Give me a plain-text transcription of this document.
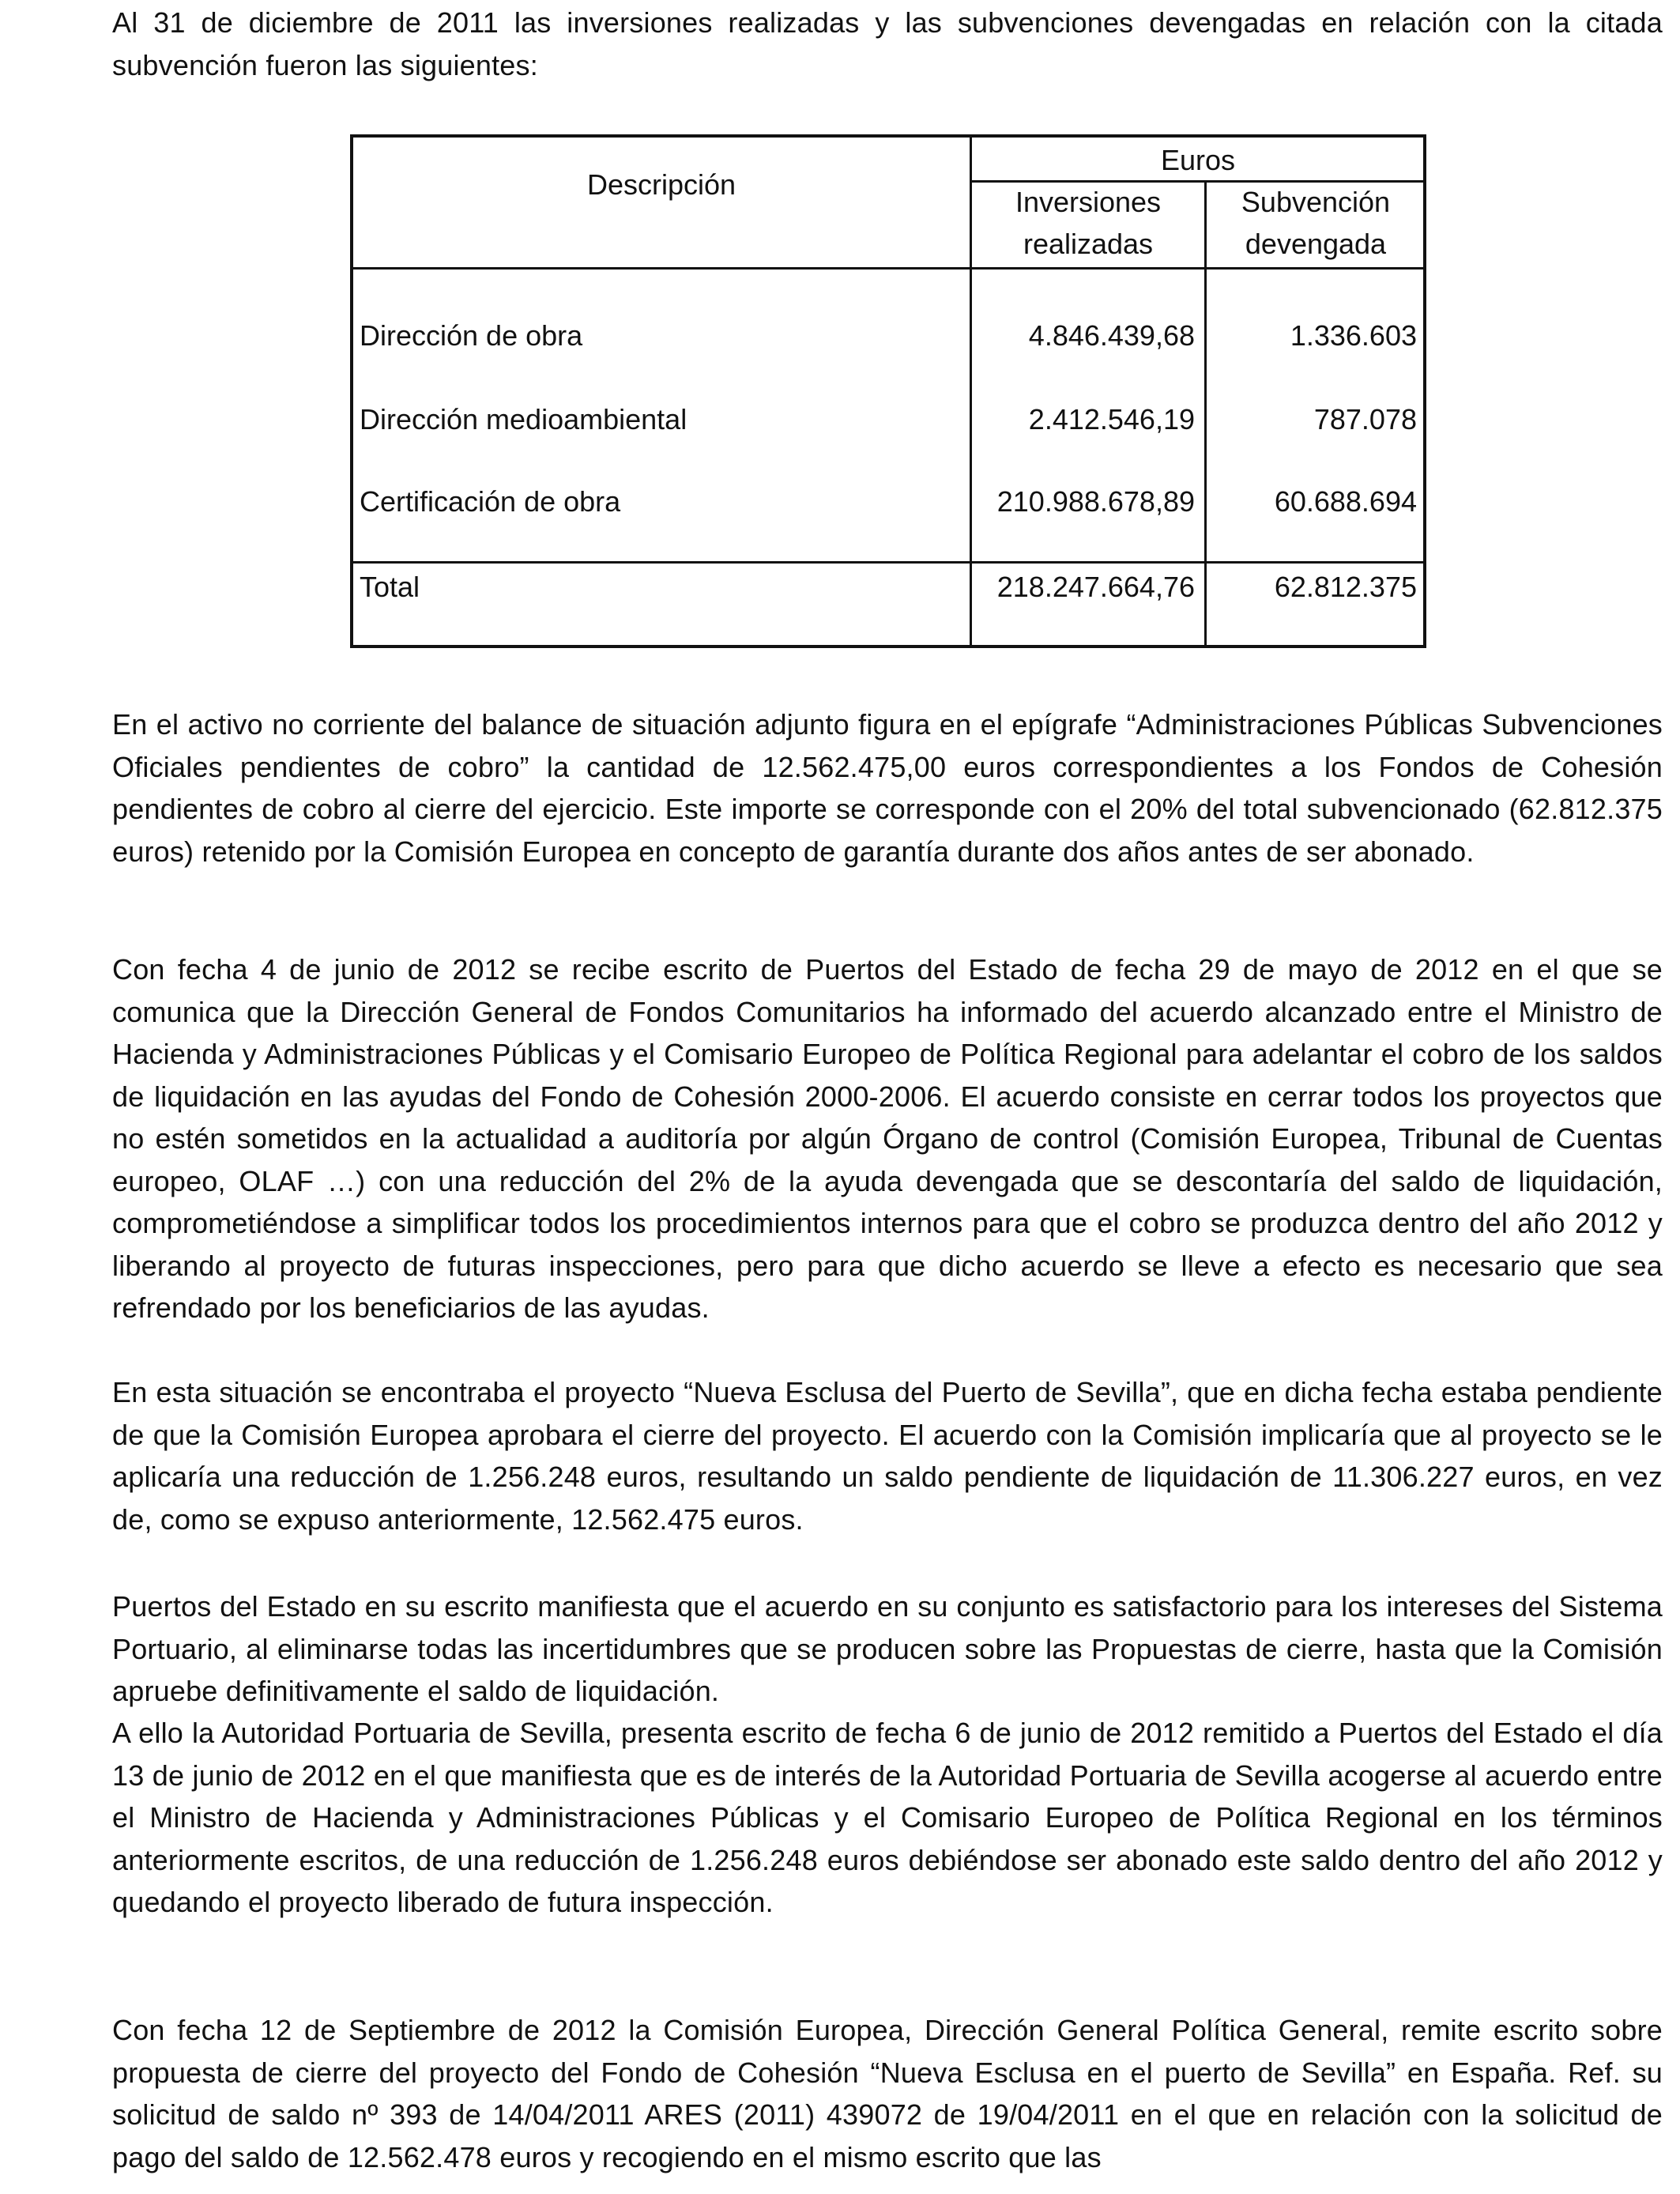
Al 31 de diciembre de 2011 las inversiones realizadas y las subvenciones devengadas en relación con la citada subvención fueron las siguientes:

Descripción
Euros
Inversiones
realizadas
Subvención
devengada
Dirección de obra	4.846.439,68	1.336.603
Dirección medioambiental	2.412.546,19	787.078
Certificación de obra	210.988.678,89	60.688.694
Total	218.247.664,76	62.812.375

En el activo no corriente del balance de situación adjunto figura en el epígrafe “Administraciones Públicas Subvenciones Oficiales pendientes de cobro” la cantidad de 12.562.475,00 euros correspondientes a los Fondos de Cohesión pendientes de cobro al cierre del ejercicio. Este importe se corresponde con el 20% del total subvencionado (62.812.375 euros) retenido por la Comisión Europea en concepto de garantía durante dos años antes de ser abonado.

Con fecha 4 de junio de 2012 se recibe escrito de Puertos del Estado de fecha 29 de mayo de 2012 en el que se comunica que la Dirección General de Fondos Comunitarios ha informado del acuerdo alcanzado entre el Ministro de Hacienda y Administraciones Públicas y el Comisario Europeo de Política Regional para adelantar el cobro de los saldos de liquidación en las ayudas del Fondo de Cohesión 2000-2006. El acuerdo consiste en cerrar todos los proyectos que no estén sometidos en la actualidad a auditoría por algún Órgano de control (Comisión Europea, Tribunal de Cuentas europeo, OLAF …) con una reducción del 2% de la ayuda devengada que se descontaría del saldo de liquidación, comprometiéndose a simplificar todos los procedimientos internos para que el cobro se produzca dentro del año 2012 y liberando al proyecto de futuras inspecciones, pero para que dicho acuerdo se lleve a efecto es necesario que sea refrendado por los beneficiarios de las ayudas.

En esta situación se encontraba el proyecto “Nueva Esclusa del Puerto de Sevilla”, que en dicha fecha estaba pendiente de que la Comisión Europea aprobara el cierre del proyecto. El acuerdo con la Comisión implicaría que al proyecto se le aplicaría una reducción de 1.256.248 euros, resultando un saldo pendiente de liquidación de 11.306.227 euros, en vez de, como se expuso anteriormente, 12.562.475 euros.

Puertos del Estado en su escrito manifiesta que el acuerdo en su conjunto es satisfactorio para los intereses del Sistema Portuario, al eliminarse todas las incertidumbres que se producen sobre las Propuestas de cierre, hasta que la Comisión apruebe definitivamente el saldo de liquidación.

A ello la Autoridad Portuaria de Sevilla, presenta escrito de fecha 6 de junio de 2012 remitido a Puertos del Estado el día 13 de junio de 2012 en el que manifiesta que es de interés de la Autoridad Portuaria de Sevilla acogerse al acuerdo entre el Ministro de Hacienda y Administraciones Públicas y el Comisario Europeo de Política Regional en los términos anteriormente escritos, de una reducción de 1.256.248 euros debiéndose ser abonado este saldo dentro del año 2012 y quedando el proyecto liberado de futura inspección.

Con fecha 12 de Septiembre de 2012 la Comisión Europea, Dirección General Política General, remite escrito sobre propuesta de cierre del proyecto del Fondo de Cohesión “Nueva Esclusa en el puerto de Sevilla” en España. Ref. su solicitud de saldo nº 393 de 14/04/2011 ARES (2011) 439072 de 19/04/2011 en el que en relación con la solicitud de pago del saldo de 12.562.478 euros y recogiendo en el mismo escrito que las
